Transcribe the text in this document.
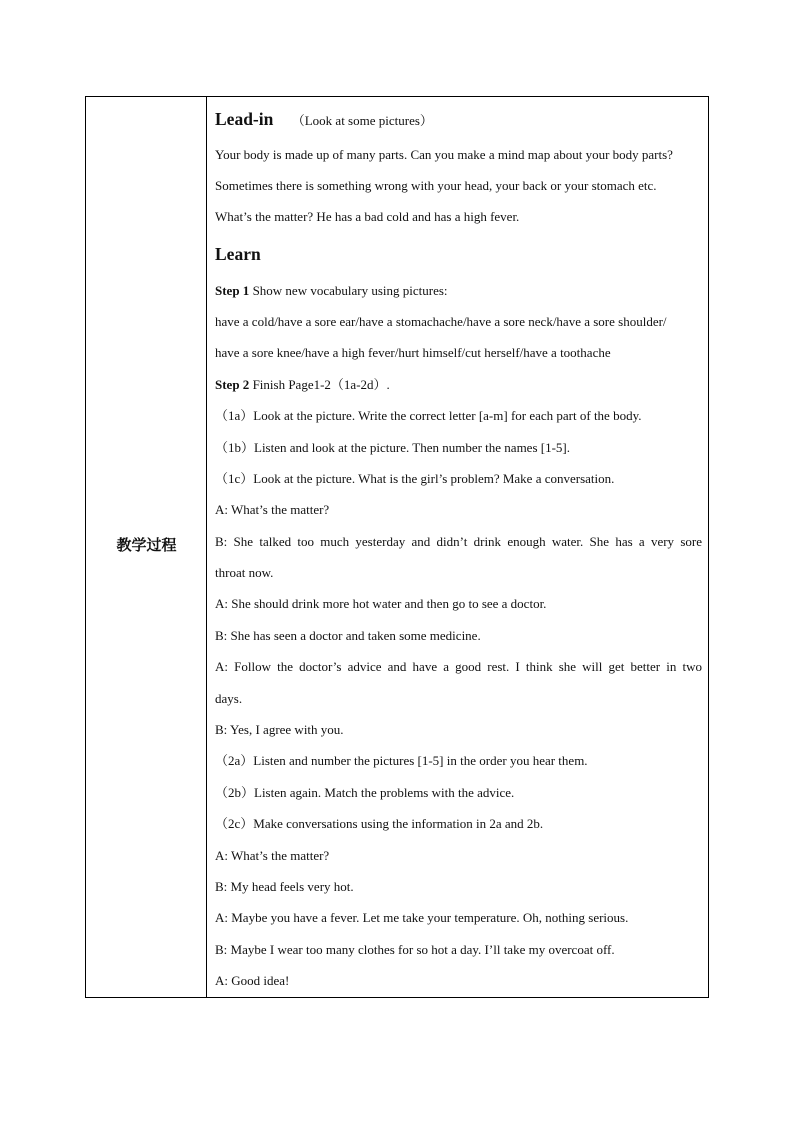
教学过程
Lead-in （Look at some pictures）
Your body is made up of many parts. Can you make a mind map about your body parts?
Sometimes there is something wrong with your head, your back or your stomach etc.
What’s the matter? He has a bad cold and has a high fever.
Learn
Step 1 Show new vocabulary using pictures:
have a cold/have a sore ear/have a stomachache/have a sore neck/have a sore shoulder/
have a sore knee/have a high fever/hurt himself/cut herself/have a toothache
Step 2 Finish Page1-2（1a-2d）.
（1a）Look at the picture. Write the correct letter [a-m] for each part of the body.
（1b）Listen and look at the picture. Then number the names [1-5].
（1c）Look at the picture. What is the girl’s problem? Make a conversation.
A: What’s the matter?
B: She talked too much yesterday and didn’t drink enough water. She has a very sore
throat now.
A: She should drink more hot water and then go to see a doctor.
B: She has seen a doctor and taken some medicine.
A: Follow the doctor’s advice and have a good rest. I think she will get better in two
days.
B: Yes, I agree with you.
（2a）Listen and number the pictures [1-5] in the order you hear them.
（2b）Listen again. Match the problems with the advice.
（2c）Make conversations using the information in 2a and 2b.
A: What’s the matter?
B: My head feels very hot.
A: Maybe you have a fever. Let me take your temperature. Oh, nothing serious.
B: Maybe I wear too many clothes for so hot a day. I’ll take my overcoat off.
A: Good idea!
